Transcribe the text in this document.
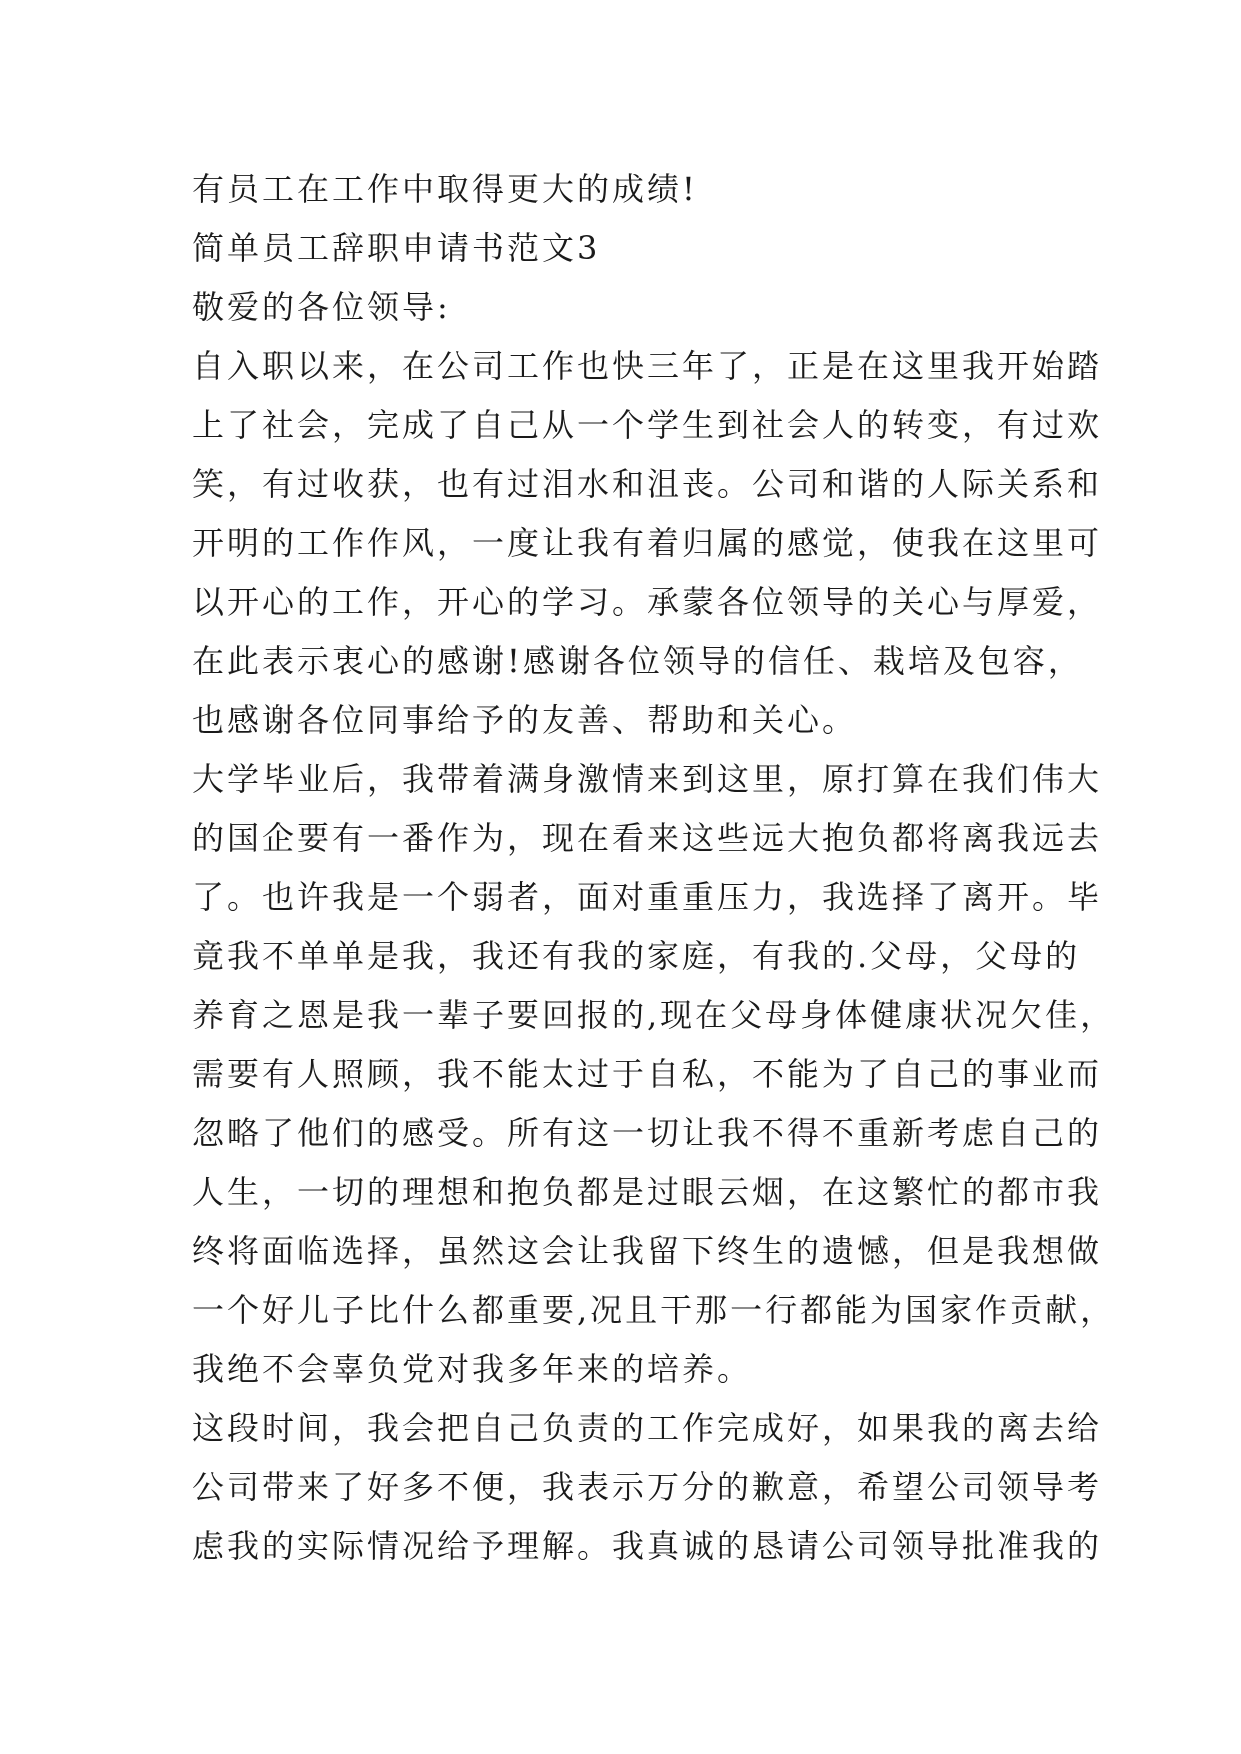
有员工在工作中取得更大的成绩!
简单员工辞职申请书范文3
敬爱的各位领导:
自入职以来，在公司工作也快三年了，正是在这里我开始踏
上了社会，完成了自己从一个学生到社会人的转变，有过欢
笑，有过收获，也有过泪水和沮丧。公司和谐的人际关系和
开明的工作作风，一度让我有着归属的感觉，使我在这里可
以开心的工作，开心的学习。承蒙各位领导的关心与厚爱，
在此表示衷心的感谢!感谢各位领导的信任、栽培及包容，
也感谢各位同事给予的友善、帮助和关心。
大学毕业后，我带着满身激情来到这里，原打算在我们伟大
的国企要有一番作为，现在看来这些远大抱负都将离我远去
了。也许我是一个弱者，面对重重压力，我选择了离开。毕
竟我不单单是我，我还有我的家庭，有我的.父母，父母的
养育之恩是我一辈子要回报的,现在父母身体健康状况欠佳，
需要有人照顾，我不能太过于自私，不能为了自己的事业而
忽略了他们的感受。所有这一切让我不得不重新考虑自己的
人生，一切的理想和抱负都是过眼云烟，在这繁忙的都市我
终将面临选择，虽然这会让我留下终生的遗憾，但是我想做
一个好儿子比什么都重要,况且干那一行都能为国家作贡献，
我绝不会辜负党对我多年来的培养。
这段时间，我会把自己负责的工作完成好，如果我的离去给
公司带来了好多不便，我表示万分的歉意，希望公司领导考
虑我的实际情况给予理解。我真诚的恳请公司领导批准我的
